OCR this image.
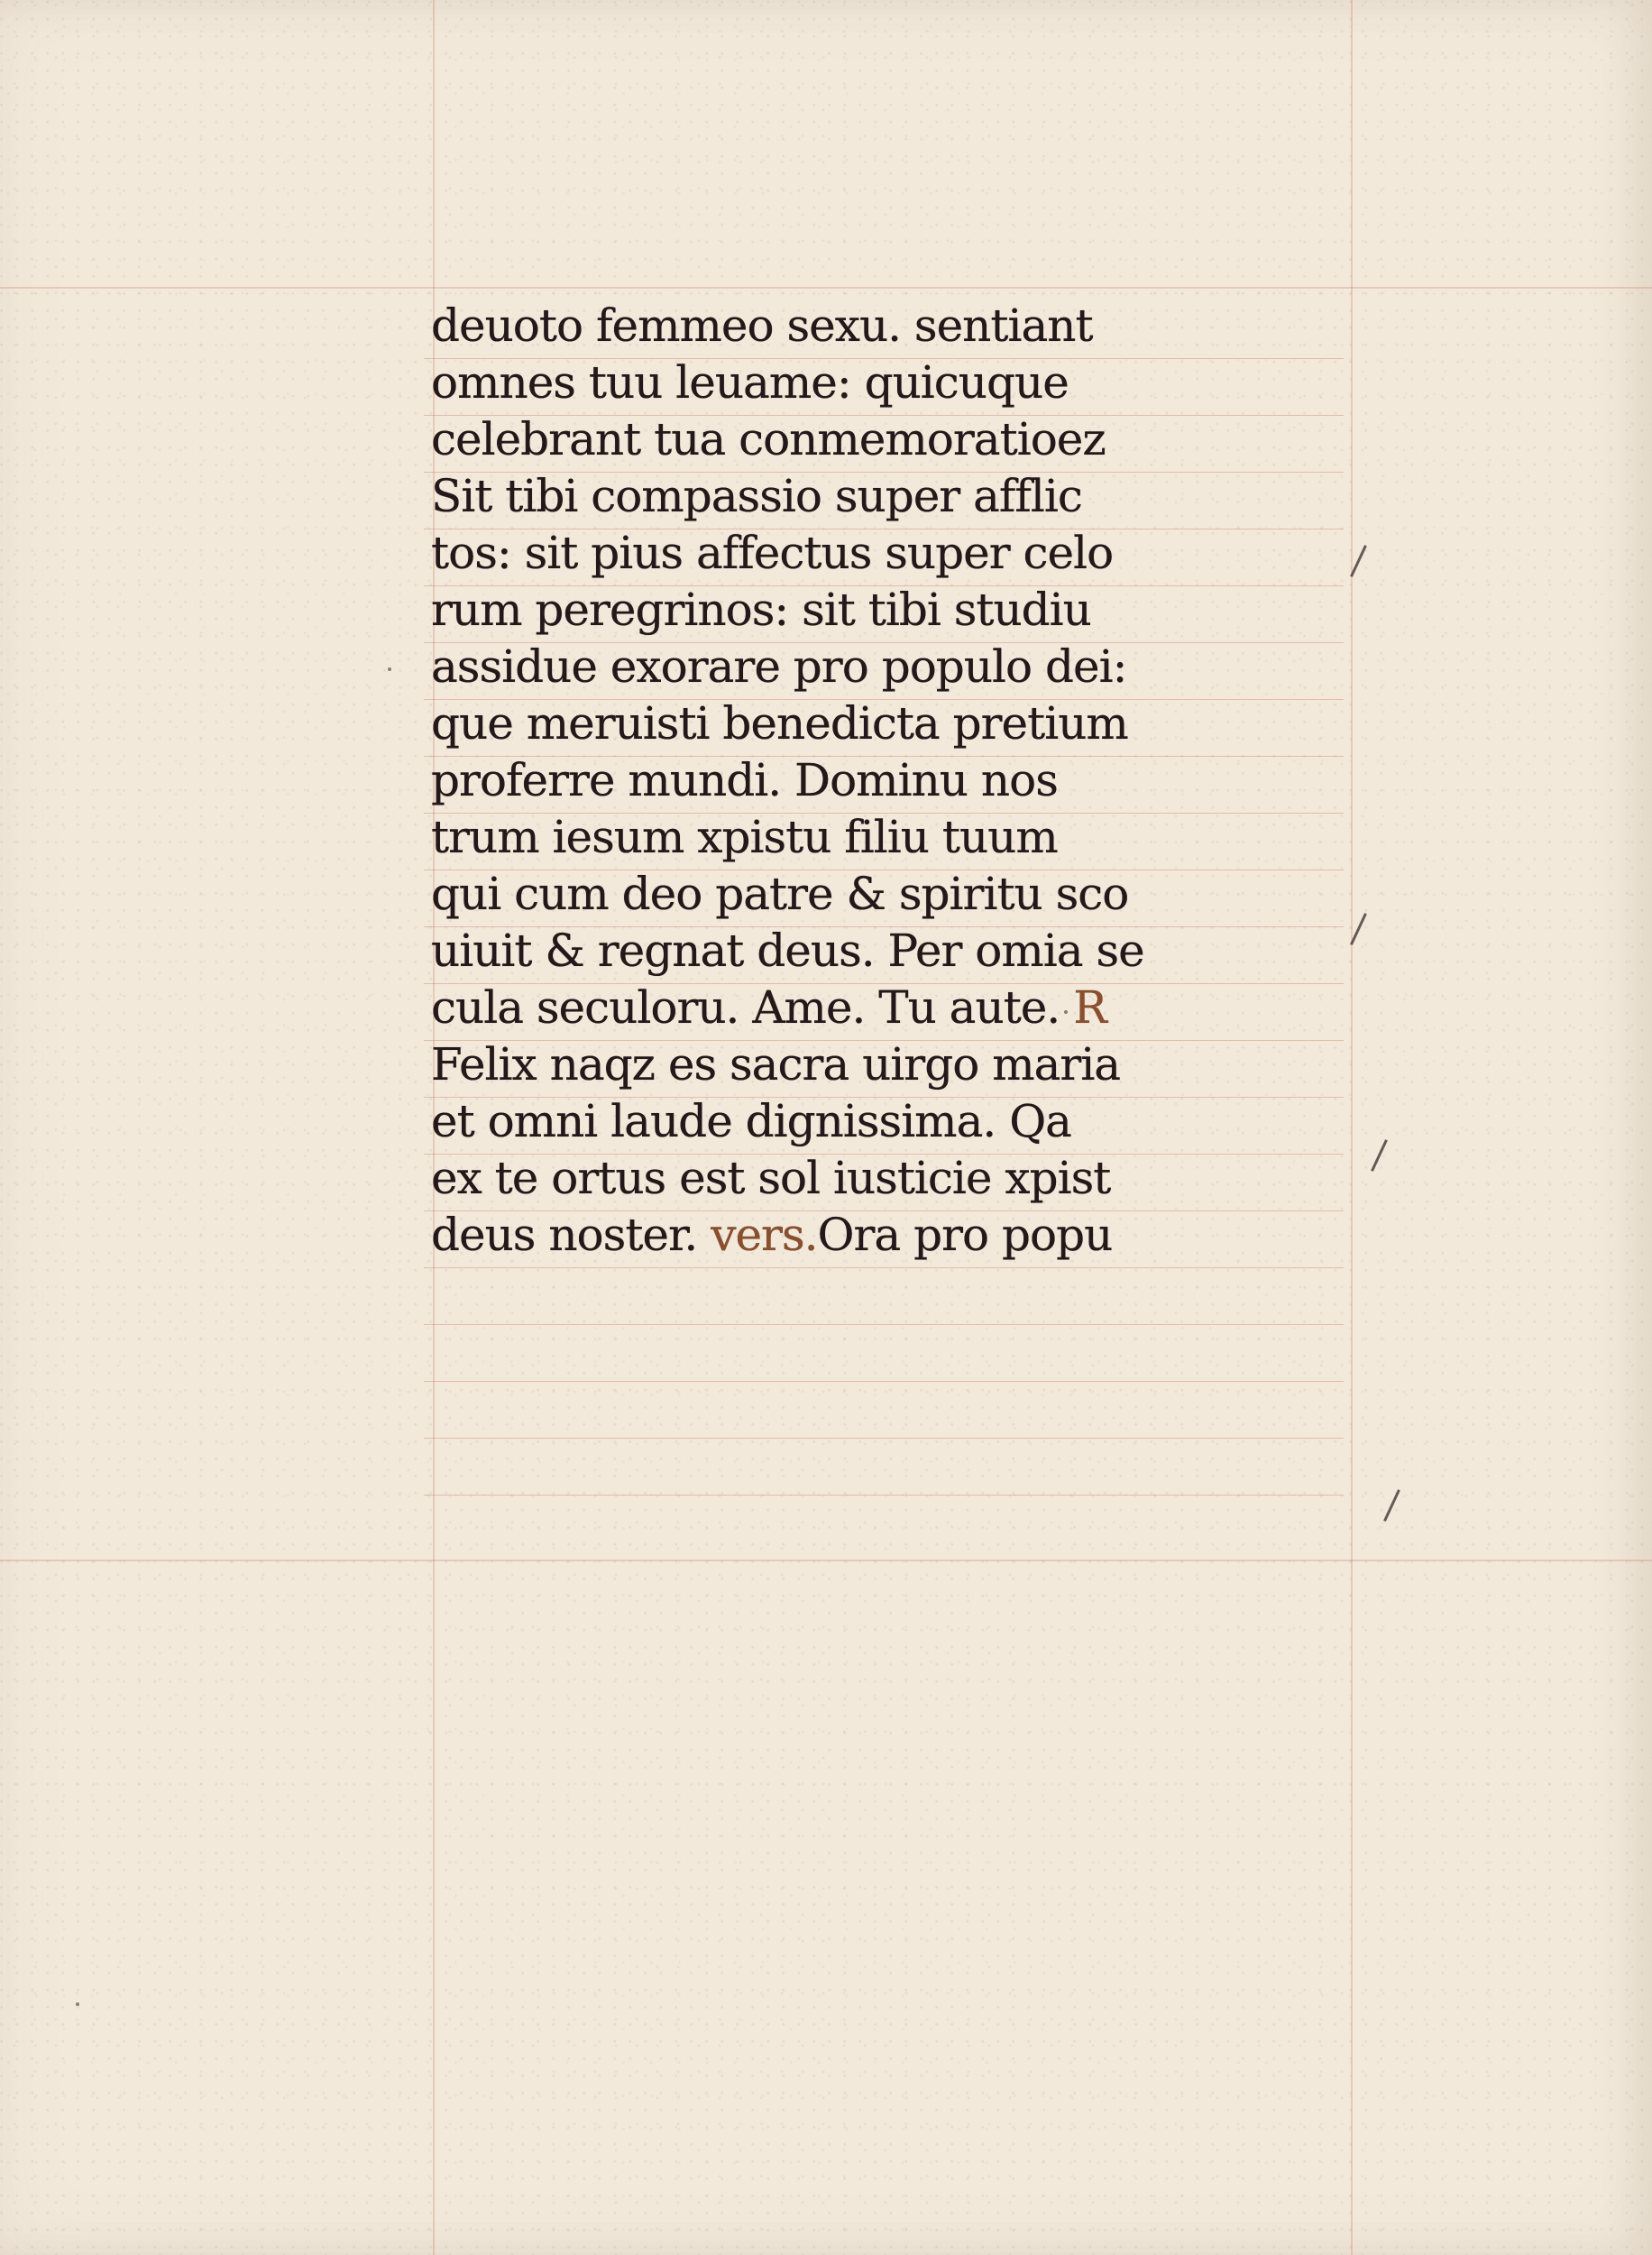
deuoto femmeo sexu. sentiant
omnes tuu leuame: quicuque
celebrant tua conmemoratioez
Sit tibi compassio super afflic
tos: sit pius affectus super celo
rum peregrinos: sit tibi studiu
assidue exorare pro populo dei:
que meruisti benedicta pretium
proferre mundi. Dominu nos
trum iesum xpistu filiu tuum
qui cum deo patre & spiritu sco
uiuit & regnat deus. Per omia se
cula seculoru. Ame. Tu aute. R
Felix naqz es sacra uirgo maria
et omni laude dignissima. Qa
ex te ortus est sol iusticie xpist
deus noster. vers.Ora pro popu
